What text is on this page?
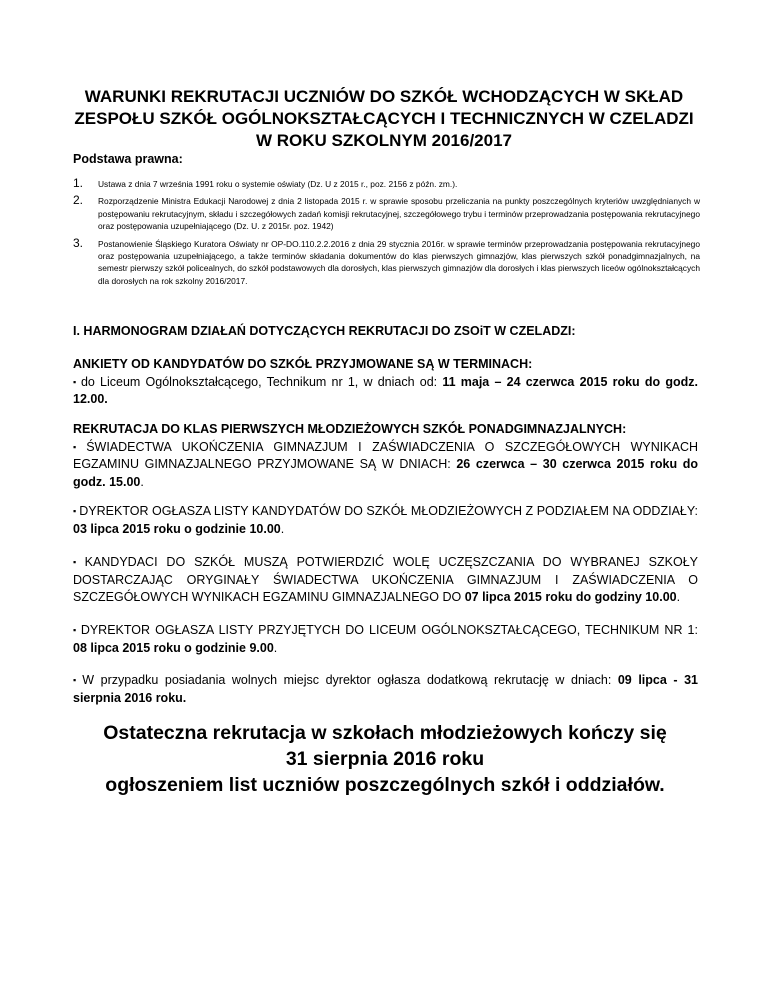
WARUNKI REKRUTACJI UCZNIÓW DO SZKÓŁ WCHODZĄCYCH W SKŁAD
ZESPOŁU SZKÓŁ OGÓLNOKSZTAŁCĄCYCH I TECHNICZNYCH W CZELADZI
W ROKU SZKOLNYM 2016/2017
Podstawa prawna:
1. Ustawa z dnia 7 września 1991 roku o systemie oświaty (Dz. U z 2015 r., poz. 2156 z późn. zm.).
2. Rozporządzenie Ministra Edukacji Narodowej z dnia 2 listopada 2015 r. w sprawie sposobu przeliczania na punkty poszczególnych kryteriów uwzględnianych w postępowaniu rekrutacyjnym, składu i szczegółowych zadań komisji rekrutacyjnej, szczegółowego trybu i terminów przeprowadzania postępowania rekrutacyjnego oraz postępowania uzupełniającego (Dz. U. z 2015r. poz. 1942)
3. Postanowienie Śląskiego Kuratora Oświaty nr OP-DO.110.2.2.2016 z dnia 29 stycznia 2016r. w sprawie terminów przeprowadzania postępowania rekrutacyjnego oraz postępowania uzupełniającego, a także terminów składania dokumentów do klas pierwszych gimnazjów, klas pierwszych szkół ponadgimnazjalnych, na semestr pierwszy szkół policealnych, do szkół podstawowych dla dorosłych, klas pierwszych gimnazjów dla dorosłych i klas pierwszych liceów ogólnokształcących dla dorosłych na rok szkolny 2016/2017.
I. HARMONOGRAM DZIAŁAŃ DOTYCZĄCYCH REKRUTACJI DO ZSOiT W CZELADZI:

ANKIETY OD KANDYDATÓW DO SZKÓŁ PRZYJMOWANE SĄ W TERMINACH:
▪ do Liceum Ogólnokształcącego, Technikum nr 1, w dniach od: 11 maja – 24 czerwca 2015 roku do godz. 12.00.

REKRUTACJA DO KLAS PIERWSZYCH MŁODZIEŻOWYCH SZKÓŁ PONADGIMNAZJALNYCH:
▪ ŚWIADECTWA UKOŃCZENIA GIMNAZJUM I ZAŚWIADCZENIA O SZCZEGÓŁOWYCH WYNIKACH EGZAMINU GIMNAZJALNEGO PRZYJMOWANE SĄ W DNIACH: 26 czerwca – 30 czerwca 2015 roku do godz. 15.00.

▪ DYREKTOR OGŁASZA LISTY KANDYDATÓW DO SZKÓŁ MŁODZIEŻOWYCH Z PODZIAŁEM NA ODDZIAŁY: 03 lipca 2015 roku o godzinie 10.00.

▪ KANDYDACI DO SZKÓŁ MUSZĄ POTWIERDZIĆ WOLĘ UCZĘSZCZANIA DO WYBRANEJ SZKOŁY DOSTARCZAJĄC ORYGINAŁY ŚWIADECTWA UKOŃCZENIA GIMNAZJUM I ZAŚWIADCZENIA O SZCZEGÓŁOWYCH WYNIKACH EGZAMINU GIMNAZJALNEGO DO 07 lipca 2015 roku do godziny 10.00.

▪ DYREKTOR OGŁASZA LISTY PRZYJĘTYCH DO LICEUM OGÓLNOKSZTAŁCĄCEGO, TECHNIKUM NR 1: 08 lipca 2015 roku o godzinie 9.00.

▪ W przypadku posiadania wolnych miejsc dyrektor ogłasza dodatkową rekrutację w dniach: 09 lipca - 31 sierpnia 2016 roku.

Ostateczna rekrutacja w szkołach młodzieżowych kończy się
31 sierpnia 2016 roku
ogłoszeniem list uczniów poszczególnych szkół i oddziałów.
